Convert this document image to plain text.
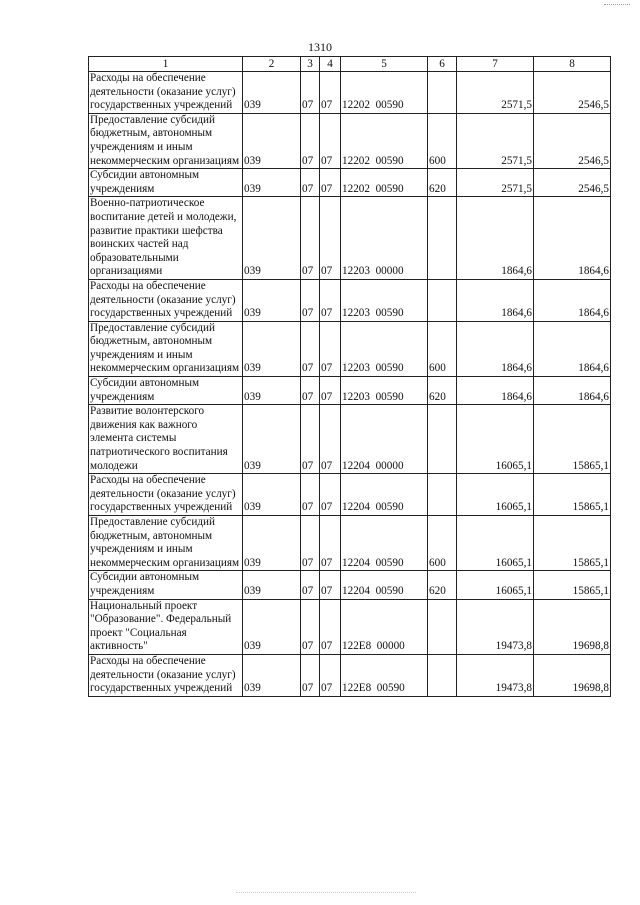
1310
1	2	3	4	5	6	7	8
Расходы на обеспечение деятельности (оказание услуг) государственных учреждений	039	07	07	12202  00590		2571,5	2546,5
Предоставление субсидий бюджетным, автономным учреждениям и иным некоммерческим организациям	039	07	07	12202  00590	600	2571,5	2546,5
Субсидии автономным учреждениям	039	07	07	12202  00590	620	2571,5	2546,5
Военно-патриотическое воспитание детей и молодежи, развитие практики шефства воинских частей над образовательными организациями	039	07	07	12203  00000		1864,6	1864,6
Расходы на обеспечение деятельности (оказание услуг) государственных учреждений	039	07	07	12203  00590		1864,6	1864,6
Предоставление субсидий бюджетным, автономным учреждениям и иным некоммерческим организациям	039	07	07	12203  00590	600	1864,6	1864,6
Субсидии автономным учреждениям	039	07	07	12203  00590	620	1864,6	1864,6
Развитие волонтерского движения как важного элемента системы патриотического воспитания молодежи	039	07	07	12204  00000		16065,1	15865,1
Расходы на обеспечение деятельности (оказание услуг) государственных учреждений	039	07	07	12204  00590		16065,1	15865,1
Предоставление субсидий бюджетным, автономным учреждениям и иным некоммерческим организациям	039	07	07	12204  00590	600	16065,1	15865,1
Субсидии автономным учреждениям	039	07	07	12204  00590	620	16065,1	15865,1
Национальный проект "Образование". Федеральный проект "Социальная активность"	039	07	07	122E8  00000		19473,8	19698,8
Расходы на обеспечение деятельности (оказание услуг) государственных учреждений	039	07	07	122E8  00590		19473,8	19698,8
